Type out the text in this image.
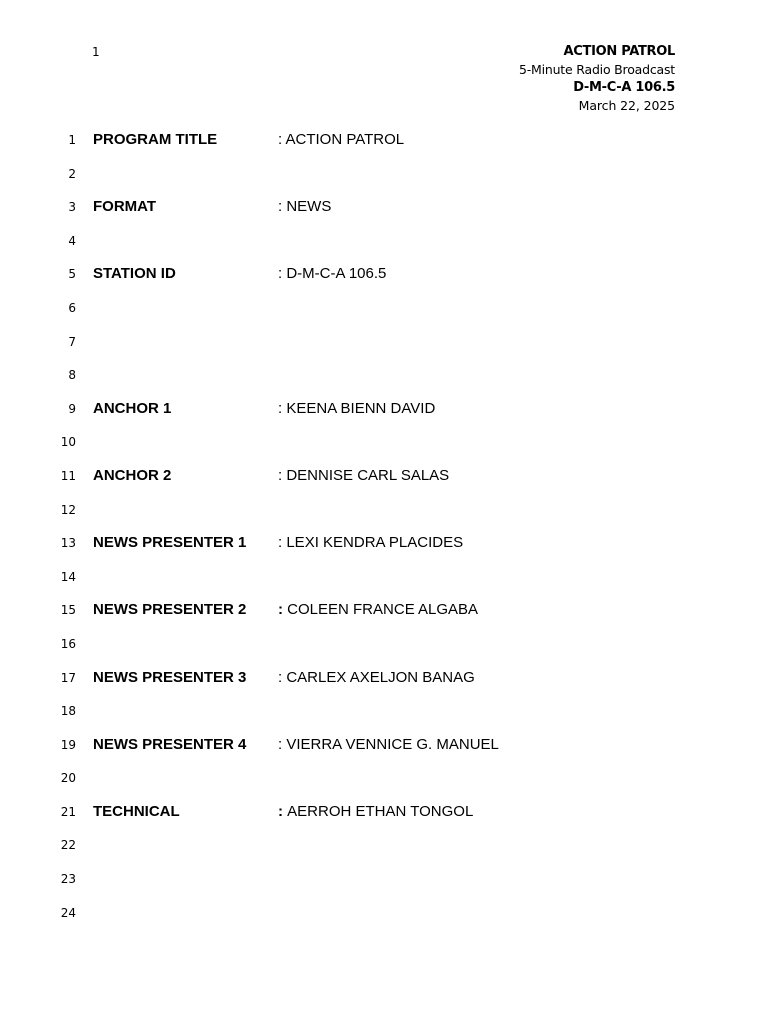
1	ACTION PATROL
5-Minute Radio Broadcast
D-M-C-A 106.5
March 22, 2025
1 PROGRAM TITLE	: ACTION PATROL
2
3 FORMAT	: NEWS
4
5 STATION ID	: D-M-C-A 106.5
6
7
8
9 ANCHOR 1	: KEENA BIENN DAVID
10
11 ANCHOR 2	: DENNISE CARL SALAS
12
13 NEWS PRESENTER 1 : LEXI KENDRA PLACIDES
14
15 NEWS PRESENTER 2 : COLEEN FRANCE ALGABA
16
17 NEWS PRESENTER 3 : CARLEX AXELJON BANAG
18
19 NEWS PRESENTER 4 : VIERRA VENNICE G. MANUEL
20
21 TECHNICAL	: AERROH ETHAN TONGOL
22
23
24
